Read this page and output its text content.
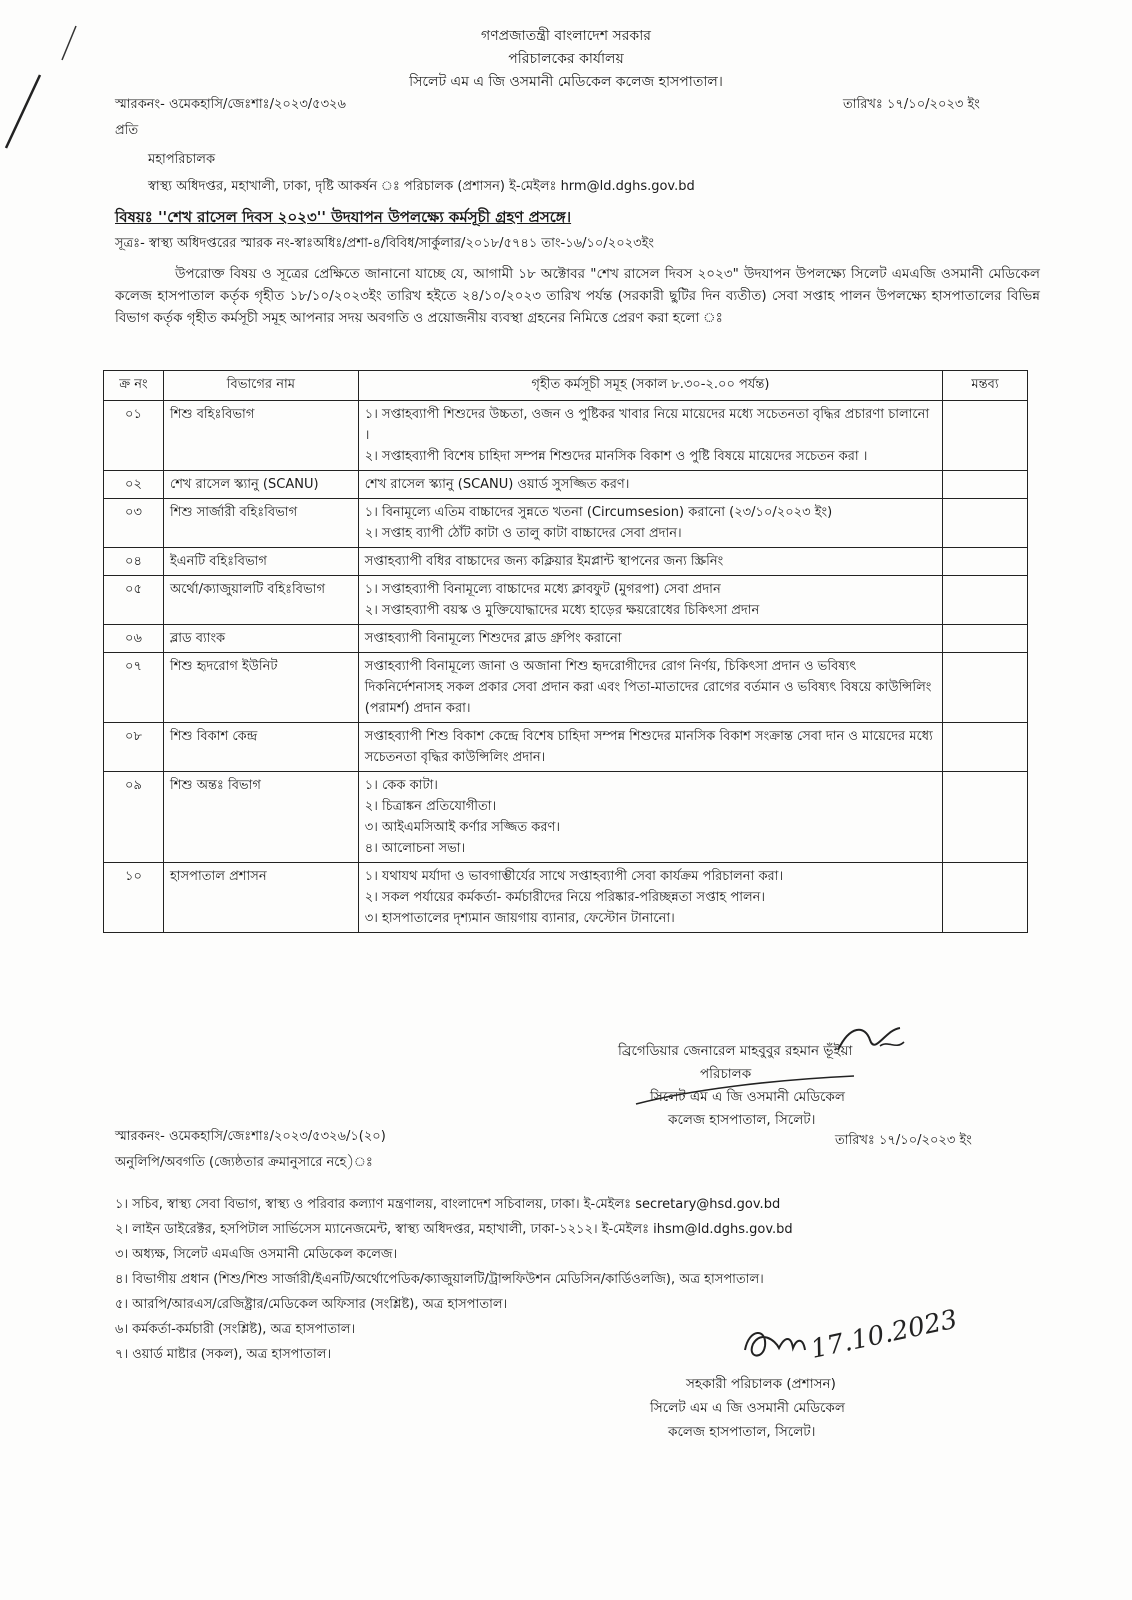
গণপ্রজাতন্ত্রী বাংলাদেশ সরকার
পরিচালকের কার্যালয়
সিলেট এম এ জি ওসমানী মেডিকেল কলেজ হাসপাতাল।
স্মারকনং- ওমেকহাসি/জেঃশাঃ/২০২৩/৫৩২৬	তারিখঃ ১৭/১০/২০২৩ ইং
প্রতি
মহাপরিচালক
স্বাস্থ্য অধিদপ্তর, মহাখালী, ঢাকা, দৃষ্টি আকর্ষন ঃ পরিচালক (প্রশাসন) ই-মেইলঃ hrm@ld.dghs.gov.bd
বিষয়ঃ ''শেখ রাসেল দিবস ২০২৩'' উদযাপন উপলক্ষ্যে কর্মসূচী গ্রহণ প্রসঙ্গে।
সূত্রঃ- স্বাস্থ্য অধিদপ্তরের স্মারক নং-স্বাঃঅধিঃ/প্রশা-৪/বিবিধ/সার্কুলার/২০১৮/৫৭৪১ তাং-১৬/১০/২০২৩ইং
উপরোক্ত বিষয় ও সূত্রের প্রেক্ষিতে জানানো যাচ্ছে যে, আগামী ১৮ অক্টোবর "শেখ রাসেল দিবস ২০২৩" উদযাপন উপলক্ষ্যে সিলেট এমএজি ওসমানী মেডিকেল কলেজ হাসপাতাল কর্তৃক গৃহীত ১৮/১০/২০২৩ইং তারিখ হইতে ২৪/১০/২০২৩ তারিখ পর্যন্ত (সরকারী ছুটির দিন ব্যতীত) সেবা সপ্তাহ পালন উপলক্ষ্যে হাসপাতালের বিভিন্ন বিভাগ কর্তৃক গৃহীত কর্মসূচী সমূহ আপনার সদয় অবগতি ও প্রয়োজনীয় ব্যবস্থা গ্রহনের নিমিত্তে প্রেরণ করা হলো ঃ
ক্র নং	বিভাগের নাম	গৃহীত কর্মসূচী সমূহ (সকাল ৮.৩০-২.০০ পর্যন্ত)	মন্তব্য
০১	শিশু বহিঃবিভাগ	১। সপ্তাহব্যাপী শিশুদের উচ্চতা, ওজন ও পুষ্টিকর খাবার নিয়ে মায়েদের মধ্যে সচেতনতা বৃদ্ধির প্রচারণা চালানো ।
২। সপ্তাহব্যাপী বিশেষ চাহিদা সম্পন্ন শিশুদের মানসিক বিকাশ ও পুষ্টি বিষয়ে মায়েদের সচেতন করা ।	

০২	শেখ রাসেল স্ক্যানু (SCANU)	শেখ রাসেল স্ক্যানু (SCANU) ওয়ার্ড সুসজ্জিত করণ।	

০৩	শিশু সার্জারী বহিঃবিভাগ	১। বিনামূল্যে এতিম বাচ্চাদের সুন্নতে খতনা (Circumsesion) করানো (২৩/১০/২০২৩ ইং)
২। সপ্তাহ ব্যাপী ঠোঁট কাটা ও তালু কাটা বাচ্চাদের সেবা প্রদান।	

০৪	ইএনটি বহিঃবিভাগ	সপ্তাহব্যাপী বধির বাচ্চাদের জন্য কক্লিয়ার ইমপ্লান্ট স্থাপনের জন্য স্ক্রিনিং	

০৫	অর্থো/ক্যাজুয়ালটি বহিঃবিভাগ	১। সপ্তাহব্যাপী বিনামূল্যে বাচ্চাদের মধ্যে ক্লাবফুট (মুগরপা) সেবা প্রদান
২। সপ্তাহব্যাপী বয়স্ক ও মুক্তিযোদ্ধাদের মধ্যে হাড়ের ক্ষয়রোধের চিকিৎসা প্রদান	

০৬	ব্লাড ব্যাংক	সপ্তাহব্যাপী বিনামূল্যে শিশুদের ব্লাড গ্রুপিং করানো	

০৭	শিশু হৃদরোগ ইউনিট	সপ্তাহব্যাপী বিনামূল্যে জানা ও অজানা শিশু হৃদরোগীদের রোগ নির্ণয়, চিকিৎসা প্রদান ও ভবিষ্যৎ দিকনির্দেশনাসহ সকল প্রকার সেবা প্রদান করা এবং পিতা-মাতাদের রোগের বর্তমান ও ভবিষ্যৎ বিষয়ে কাউন্সিলিং (পরামর্শ) প্রদান করা।	

০৮	শিশু বিকাশ কেন্দ্র	সপ্তাহব্যাপী শিশু বিকাশ কেন্দ্রে বিশেষ চাহিদা সম্পন্ন শিশুদের মানসিক বিকাশ সংক্রান্ত সেবা দান ও মায়েদের মধ্যে সচেতনতা বৃদ্ধির কাউন্সিলিং প্রদান।	

০৯	শিশু অন্তঃ বিভাগ	১। কেক কাটা।
২। চিত্রাঙ্কন প্রতিযোগীতা।
৩। আইএমসিআই কর্ণার সজ্জিত করণ।
৪। আলোচনা সভা।	

১০	হাসপাতাল প্রশাসন	১। যথাযথ মর্যাদা ও ভাবগাম্ভীর্যের সাথে সপ্তাহব্যাপী সেবা কার্যক্রম পরিচালনা করা।
২। সকল পর্যায়ের কর্মকর্তা- কর্মচারীদের নিয়ে পরিষ্কার-পরিচ্ছন্নতা সপ্তাহ পালন।
৩। হাসপাতালের দৃশ্যমান জায়গায় ব্যানার, ফেস্টোন টানানো।	

ব্রিগেডিয়ার জেনারেল মাহবুবুর রহমান ভূঁইয়া
পরিচালক
সিলেট এম এ জি ওসমানী মেডিকেল
কলেজ হাসপাতাল, সিলেট।
স্মারকনং- ওমেকহাসি/জেঃশাঃ/২০২৩/৫৩২৬/১(২০)	তারিখঃ ১৭/১০/২০২৩ ইং
অনুলিপি/অবগতি (জ্যেষ্ঠতার ক্রমানুসারে নহে)ঃ
১। সচিব, স্বাস্থ্য সেবা বিভাগ, স্বাস্থ্য ও পরিবার কল্যাণ মন্ত্রণালয়, বাংলাদেশ সচিবালয়, ঢাকা। ই-মেইলঃ secretary@hsd.gov.bd
২। লাইন ডাইরেক্টর, হসপিটাল সার্ভিসেস ম্যানেজমেন্ট, স্বাস্থ্য অধিদপ্তর, মহাখালী, ঢাকা-১২১২। ই-মেইলঃ ihsm@ld.dghs.gov.bd
৩। অধ্যক্ষ, সিলেট এমএজি ওসমানী মেডিকেল কলেজ।
৪। বিভাগীয় প্রধান (শিশু/শিশু সার্জারী/ইএনটি/অর্থোপেডিক/ক্যাজুয়ালটি/ট্রান্সফিউশন মেডিসিন/কার্ডিওলজি), অত্র হাসপাতাল।
৫। আরপি/আরএস/রেজিষ্ট্রার/মেডিকেল অফিসার (সংশ্লিষ্ট), অত্র হাসপাতাল।
৬। কর্মকর্তা-কর্মচারী (সংশ্লিষ্ট), অত্র হাসপাতাল।
৭। ওয়ার্ড মাষ্টার (সকল), অত্র হাসপাতাল।	17.10.2023
সহকারী পরিচালক (প্রশাসন)
সিলেট এম এ জি ওসমানী মেডিকেল
কলেজ হাসপাতাল, সিলেট।
